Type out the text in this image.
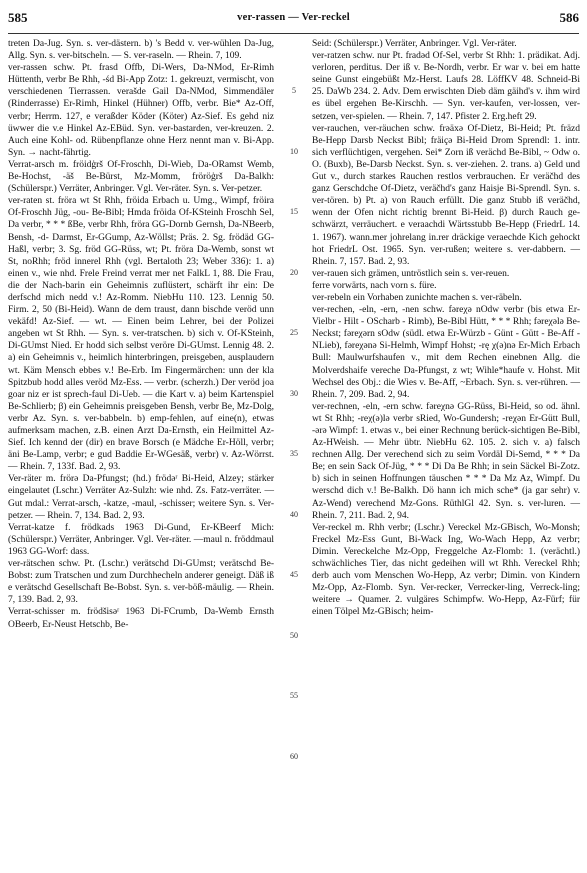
585	ver-rassen — Ver-reckel	586

treten Da-Jug. Syn. s. ver-dästern. b) 's Bedd v. ver-wühlen Da-Jug, Allg. Syn. s. ver-bitscheln. — S. ver-raseln. — Rhein. 7, 109.

ver-rassen schw. Pt. frasd Offb, Di-Wers, Da-NMod, Er-Rimh Hüttenth, verbr Be Rhh, -śd Bi-App Zotz: 1. gekreuzt, vermischt, von verschiedenen Tierrassen. verašde Gail Da-NMod, Simmendäler (Rinderrasse) Er-Rimh, Hinkel (Hühner) Offb, verbr. Bie* Az-Off, verbr; Herrm. 127, e veraßder Köder (Köter) Az-Sief. Es gehd niz üwwer die v.e Hinkel Az-EBüd. Syn. ver-bastarden, ver-kreuzen. 2. Auch eine Kohl- od. Rübenpflanze ohne Herz nennt man v. Bi-App. Syn. → nacht-fährtig.

Verrat-arsch m. fröidġrš Of-Froschh, Di-Wieb, Da-ORamst Wemb, Be-Hochst, -äš Be-Bürst, Mz-Momm, fröröġrš Da-Balkh: (Schülerspr.) Verräter, Anbringer. Vgl. Ver-räter. Syn. s. Ver-petzer.

ver-raten st. fröra wt St Rhh, fröida Erbach u. Umg., Wimpf, fröira Of-Froschh Jüg, -ou- Be-Bibl; Hmda fröida Of-KSteinh Froschh Sel, Da verbr, * * * ßBe, verbr Rhh, fröra GG-Dornb Gernsh, Da-NBeerb, Bensh, -d- Darmst, Er-GGump, Az-Wöllst; Präs. 2. Sg. frödäd GG-Haßl, verbr; 3. Sg. fröd GG-Rüss, wt; Pt. fröra Da-Wemb, sonst wt St, noRhh; fröd innerel Rhh (vgl. Bertaloth 23; Weber 336): 1. a) einen v., wie nhd. Frele Freind verrat mer net FalkL 1, 88. Die Frau, die der Nach-barin ein Geheimnis zuflüstert, schärft ihr ein: De derfschd mich nedd v.! Az-Romm. NiebHu 110. 123. Lennig 50. Firm. 2, 50 (Bi-Heid). Wann de dem traust, dann bischde veröd unn vekäfd! Az-Sief. — wt. — Einen beim Lehrer, bei der Polizei angeben wt St Rhh. — Syn. s. ver-tratschen. b) sich v. Of-KSteinh, Di-GUmst Nied. Er hodd sich selbst veröre Di-GUmst. Lennig 48. 2. a) ein Geheimnis v., heimlich hinterbringen, preisgeben, ausplaudern wt. Käm Mensch ebbes v.! Be-Erb. Im Fingermärchen: unn der kla Spitzbub hodd alles veröd Mz-Ess. — verbr. (scherzh.) Der veröd joa goar niz er ist sprech-faul Di-Ueb. — die Kart v. a) beim Kartenspiel Be-Schlierb; β) ein Geheimnis preisgeben Bensh, verbr Be, Mz-Dolg, verbr Az. Syn. s. ver-babbeln. b) emp-fehlen, auf eine(n), etwas aufmerksam machen, z.B. einen Arzt Da-Ernsth, ein Heilmittel Az-Sief. Ich kennd der (dir) en brave Borsch (e Mädche Er-Höll, verbr; äni Be-Lamp, verbr; e gud Baddie Er-WGesäß, verbr) v. Az-Wörrst. — Rhein. 7, 133f. Bad. 2, 93.

Ver-räter m. frörə Da-Pfungst; (hd.) frödəʳ Bi-Heid, Alzey; stärker eingelautet (Lschr.) Verräter Az-Sulzh: wie nhd. Zs. Fatz-verräter. — Gut mdal.: Verrat-arsch, -katze, -maul, -schisser; weitere Syn. s. Ver-petzer. — Rhein. 7, 134. Bad. 2, 93.

Verrat-katze f. frödkads 1963 Di-Gund, Er-KBeerf Mich: (Schülerspr.) Verräter, Anbringer. Vgl. Ver-räter. —maul n. fröddmaul 1963 GG-Worf: dass.

ver-rätschen schw. Pt. (Lschr.) verätschd Di-GUmst; verätschd Be-Bobst: zum Tratschen und zum Durchhecheln anderer geneigt. Däß iß e verätschd Gesellschaft Be-Bobst. Syn. s. ver-böß-mäulig. — Rhein. 7, 139. Bad. 2, 93.

Verrat-schisser m. frödšisəʳ 1963 Di-FCrumb, Da-Wemb Ernsth OBeerb, Er-Neust Hetschb, Be-

5
10
15
20
25
30
35
40
45
50
55
60

Seid: (Schülerspr.) Verräter, Anbringer. Vgl. Ver-räter.

ver-ratzen schw. nur Pt. fradəd Of-Sel, verbr St Rhh: 1. prädikat. Adj. verloren, perditus. Der iß v. Be-Nordh, verbr. Er war v. bei em hatte seine Gunst eingebüßt Mz-Herst. Laufs 28. LöffKV 48. Schneid-Bi 25. DaWb 234. 2. Adv. Dem erwischten Dieb däm gäihd's v. ihm wird es übel ergehen Be-Kirschh. — Syn. ver-kaufen, ver-lossen, ver-setzen, ver-spielen. — Rhein. 7, 147. Pfister 2. Erg.heft 29.

ver-rauchen, ver-räuchen schw. frəäxə Of-Dietz, Bi-Heid; Pt. fräzd Be-Hepp Darsb Neckst Bibl; fräiçə Bi-Heid Drom Sprendl: 1. intr. sich verflüchtigen, vergehen. Sei* Zorn iß verächd Be-Bibl, ~ Odw o. O. (Buxb), Be-Darsb Neckst. Syn. s. ver-ziehen. 2. trans. a) Geld und Gut v., durch starkes Rauchen restlos verbrauchen. Er veräčhd des ganz Gerschdche Of-Dietz, veräčhd's ganz Haisje Bi-Sprendl. Syn. s. ver-tören. b) Pt. a) von Rauch erfüllt. Die ganz Stubb iß veräčhd, wenn der Ofen nicht richtig brennt Bi-Heid. β) durch Rauch ge-schwärzt, verräuchert. e veraachdi Wärtsstubb Be-Hepp (FriedrL 14. 1. 1967). wann.mer johrelang in.rer dräckige veraechde Kich gehockt hot FriedrL Ost. 1965. Syn. ver-rußen; weitere s. ver-dabbern. — Rhein. 7, 157. Bad. 2, 93.

ver-rauen sich grämen, untröstlich sein s. ver-reuen.

ferre vorwärts, nach vorn s. füre.

ver-rebeln ein Vorhaben zunichte machen s. ver-räbeln.

ver-rechen, -eln, -ern, -nen schw. fəreχə nOdw verbr (bis etwa Er-Vielbr - Hilt - OScharb - Rimb), Be-Bibl Hütt, * * * Rhh; fəreχələ Be-Neckst; fəreχərn sOdw (südl. etwa Er-Würzb - Günt - Gütt - Be-Aff - NLieb), fəreχənə Si-Helmh, Wimpf Hohst; -rę χ(ə)nə Er-Mich Erbach Bull: Maulwurfshaufen v., mit dem Rechen einebnen Allg. die Molverdshaife vereche Da-Pfungst, z wt; Wihle*haufe v. Hohst. Mit Wechsel des Obj.: die Wies v. Be-Aff, ~Erbach. Syn. s. ver-rühren. — Rhein. 7, 209. Bad. 2, 94.

ver-rechnen, -eln, -ern schw. fəreχnə GG-Rüss, Bi-Heid, so od. ähnl. wt St Rhh; -reχ(ə)lə verbr sRied, Wo-Gundersh; -reχən Er-Gütt Bull, -ərə Wimpf: 1. etwas v., bei einer Rechnung berück-sichtigen Be-Bibl, Az-HWeish. — Mehr übtr. NiebHu 62. 105. 2. sich v. a) falsch rechnen Allg. Der verechend sich zu seim Vordäl Di-Semd, * * * Da Be; en sein Sack Of-Jüg, * * * Di Da Be Rhh; in sein Säckel Bi-Zotz. b) sich in seinen Hoffnungen täuschen * * * Da Mz Az, Wimpf. Du werschd dich v.! Be-Balkh. Dö hann ich mich sche* (ja gar sehr) v. Az-Wend) verechend Mz-Gons. RüthlGl 42. Syn. s. ver-luren. — Rhein. 7, 211. Bad. 2, 94.

Ver-reckel m. Rhh verbr; (Lschr.) Vereckel Mz-GBisch, Wo-Monsh; Freckel Mz-Ess Gunt, Bi-Wack Ing, Wo-Wach Hepp, Az verbr; Dimin. Vereckelche Mz-Opp, Freggelche Az-Flomb: 1. (verächtl.) schwächliches Tier, das nicht gedeihen will wt Rhh. Vereckel Rhh; derb auch vom Menschen Wo-Hepp, Az verbr; Dimin. von Kindern Mz-Opp, Az-Flomb. Syn. Ver-recker, Verrecker-ling, Verreck-ling; weitere → Quamer. 2. vulgäres Schimpfw. Wo-Hepp, Az-Fürf; für einen Tölpel Mz-GBisch; heim-
